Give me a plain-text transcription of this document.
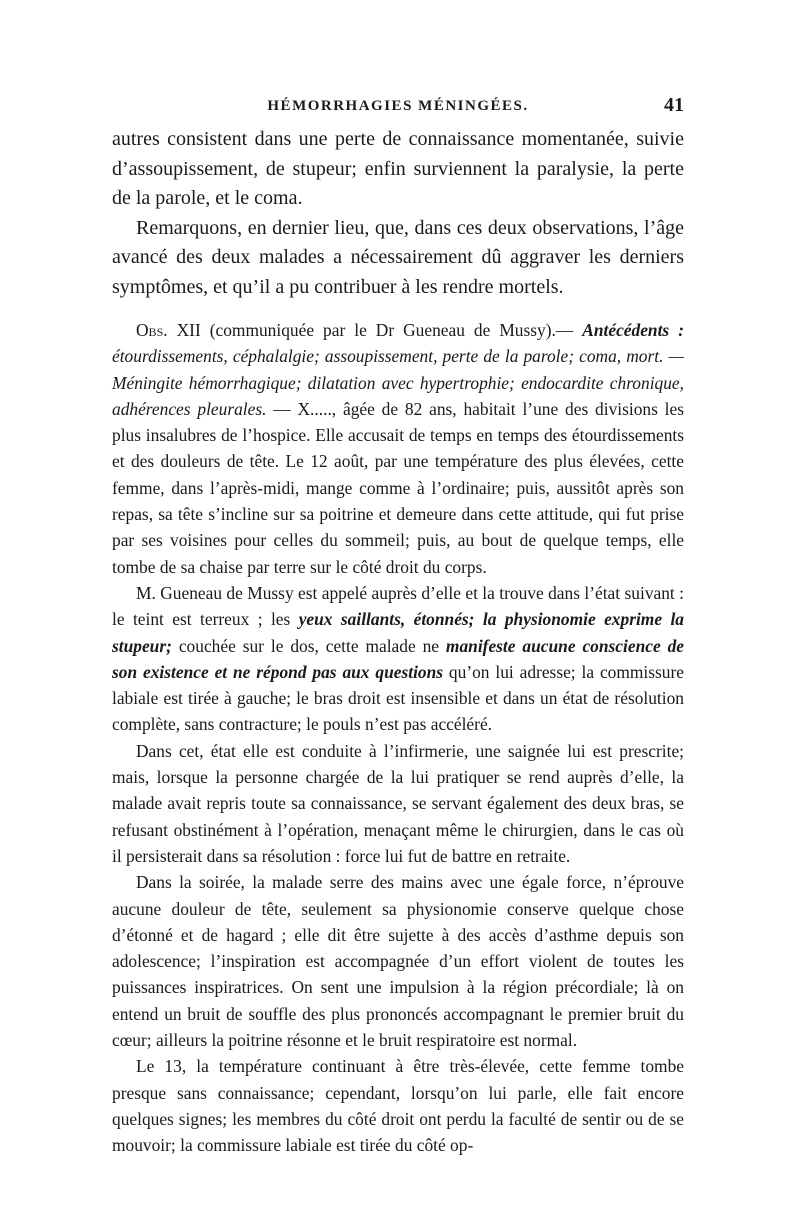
HÉMORRHAGIES MÉNINGÉES.	41

autres consistent dans une perte de connaissance momentanée, suivie d’assoupissement, de stupeur; enfin surviennent la paralysie, la perte de la parole, et le coma.

Remarquons, en dernier lieu, que, dans ces deux observations, l’âge avancé des deux malades a nécessairement dû aggraver les derniers symptômes, et qu’il a pu contribuer à les rendre mortels.

Obs. XII (communiquée par le Dr Gueneau de Mussy).— Antécédents : étourdissements, céphalalgie; assoupissement, perte de la parole; coma, mort. — Méningite hémorrhagique; dilatation avec hypertrophie; endocardite chronique, adhérences pleurales. — X....., âgée de 82 ans, habitait l’une des divisions les plus insalubres de l’hospice. Elle accusait de temps en temps des étourdissements et des douleurs de tête. Le 12 août, par une température des plus élevées, cette femme, dans l’après-midi, mange comme à l’ordinaire; puis, aussitôt après son repas, sa tête s’incline sur sa poitrine et demeure dans cette attitude, qui fut prise par ses voisines pour celles du sommeil; puis, au bout de quelque temps, elle tombe de sa chaise par terre sur le côté droit du corps.

M. Gueneau de Mussy est appelé auprès d’elle et la trouve dans l’état suivant : le teint est terreux ; les yeux saillants, étonnés; la physionomie exprime la stupeur; couchée sur le dos, cette malade ne manifeste aucune conscience de son existence et ne répond pas aux questions qu’on lui adresse; la commissure labiale est tirée à gauche; le bras droit est insensible et dans un état de résolution complète, sans contracture; le pouls n’est pas accéléré.

Dans cet, état elle est conduite à l’infirmerie, une saignée lui est prescrite; mais, lorsque la personne chargée de la lui pratiquer se rend auprès d’elle, la malade avait repris toute sa connaissance, se servant également des deux bras, se refusant obstinément à l’opération, menaçant même le chirurgien, dans le cas où il persisterait dans sa résolution : force lui fut de battre en retraite.

Dans la soirée, la malade serre des mains avec une égale force, n’éprouve aucune douleur de tête, seulement sa physionomie conserve quelque chose d’étonné et de hagard ; elle dit être sujette à des accès d’asthme depuis son adolescence; l’inspiration est accompagnée d’un effort violent de toutes les puissances inspiratrices. On sent une impulsion à la région précordiale; là on entend un bruit de souffle des plus prononcés accompagnant le premier bruit du cœur; ailleurs la poitrine résonne et le bruit respiratoire est normal.

Le 13, la température continuant à être très-élevée, cette femme tombe presque sans connaissance; cependant, lorsqu’on lui parle, elle fait encore quelques signes; les membres du côté droit ont perdu la faculté de sentir ou de se mouvoir; la commissure labiale est tirée du côté op-
